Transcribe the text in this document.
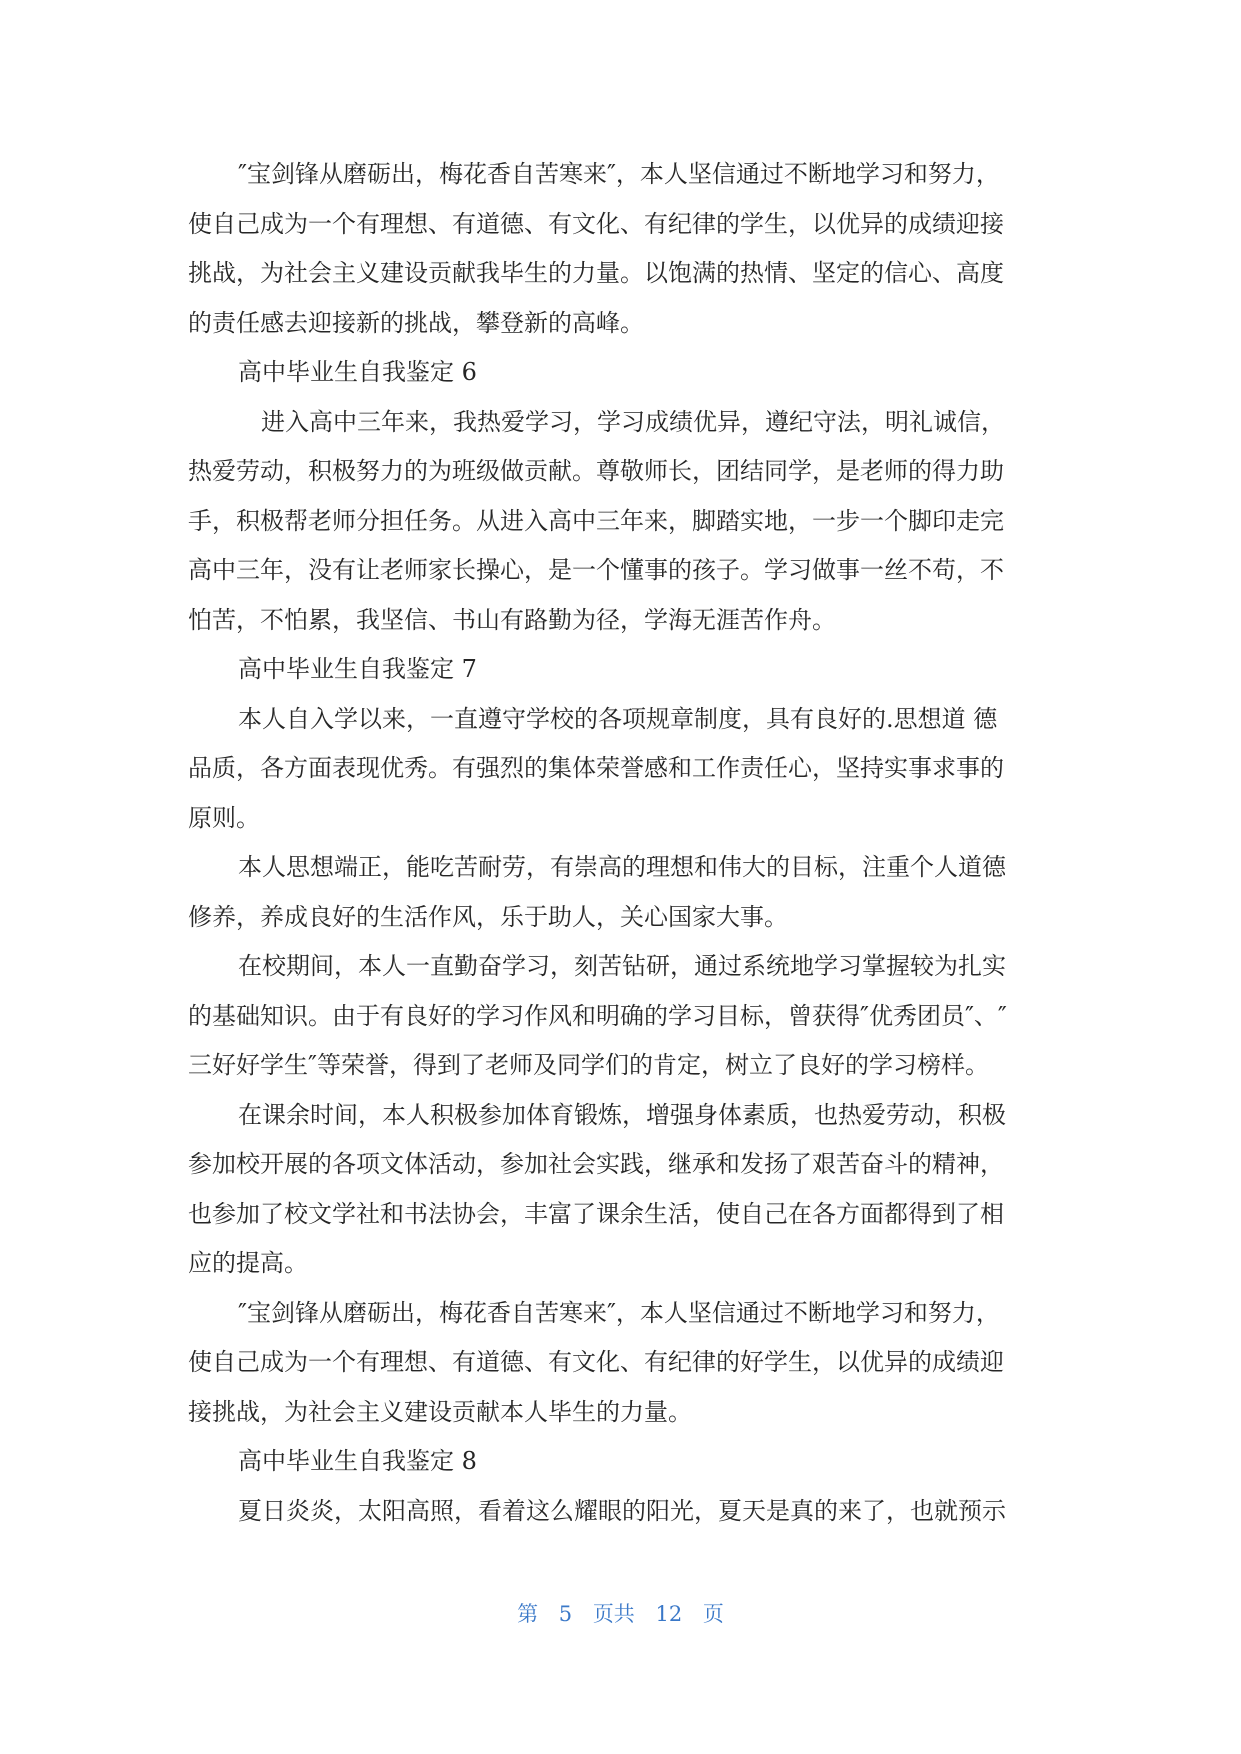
″宝剑锋从磨砺出，梅花香自苦寒来″，本人坚信通过不断地学习和努力，

使自己成为一个有理想、有道德、有文化、有纪律的学生，以优异的成绩迎接

挑战，为社会主义建设贡献我毕生的力量。以饱满的热情、坚定的信心、高度

的责任感去迎接新的挑战，攀登新的高峰。

高中毕业生自我鉴定 6

进入高中三年来，我热爱学习，学习成绩优异，遵纪守法，明礼诚信，

热爱劳动，积极努力的为班级做贡献。尊敬师长，团结同学，是老师的得力助

手，积极帮老师分担任务。从进入高中三年来，脚踏实地，一步一个脚印走完

高中三年，没有让老师家长操心，是一个懂事的孩子。学习做事一丝不苟，不

怕苦，不怕累，我坚信、书山有路勤为径，学海无涯苦作舟。

高中毕业生自我鉴定 7

本人自入学以来，一直遵守学校的各项规章制度，具有良好的.思想道 德

品质，各方面表现优秀。有强烈的集体荣誉感和工作责任心，坚持实事求事的

原则。

本人思想端正，能吃苦耐劳，有崇高的理想和伟大的目标，注重个人道德

修养，养成良好的生活作风，乐于助人，关心国家大事。

在校期间，本人一直勤奋学习，刻苦钻研，通过系统地学习掌握较为扎实

的基础知识。由于有良好的学习作风和明确的学习目标，曾获得″优秀团员″、″

三好好学生″等荣誉，得到了老师及同学们的肯定，树立了良好的学习榜样。

在课余时间，本人积极参加体育锻炼，增强身体素质，也热爱劳动，积极

参加校开展的各项文体活动，参加社会实践，继承和发扬了艰苦奋斗的精神，

也参加了校文学社和书法协会，丰富了课余生活，使自己在各方面都得到了相

应的提高。

″宝剑锋从磨砺出，梅花香自苦寒来″，本人坚信通过不断地学习和努力，

使自己成为一个有理想、有道德、有文化、有纪律的好学生，以优异的成绩迎

接挑战，为社会主义建设贡献本人毕生的力量。

高中毕业生自我鉴定 8

夏日炎炎，太阳高照，看着这么耀眼的阳光，夏天是真的来了，也就预示

第 5 页共 12 页
